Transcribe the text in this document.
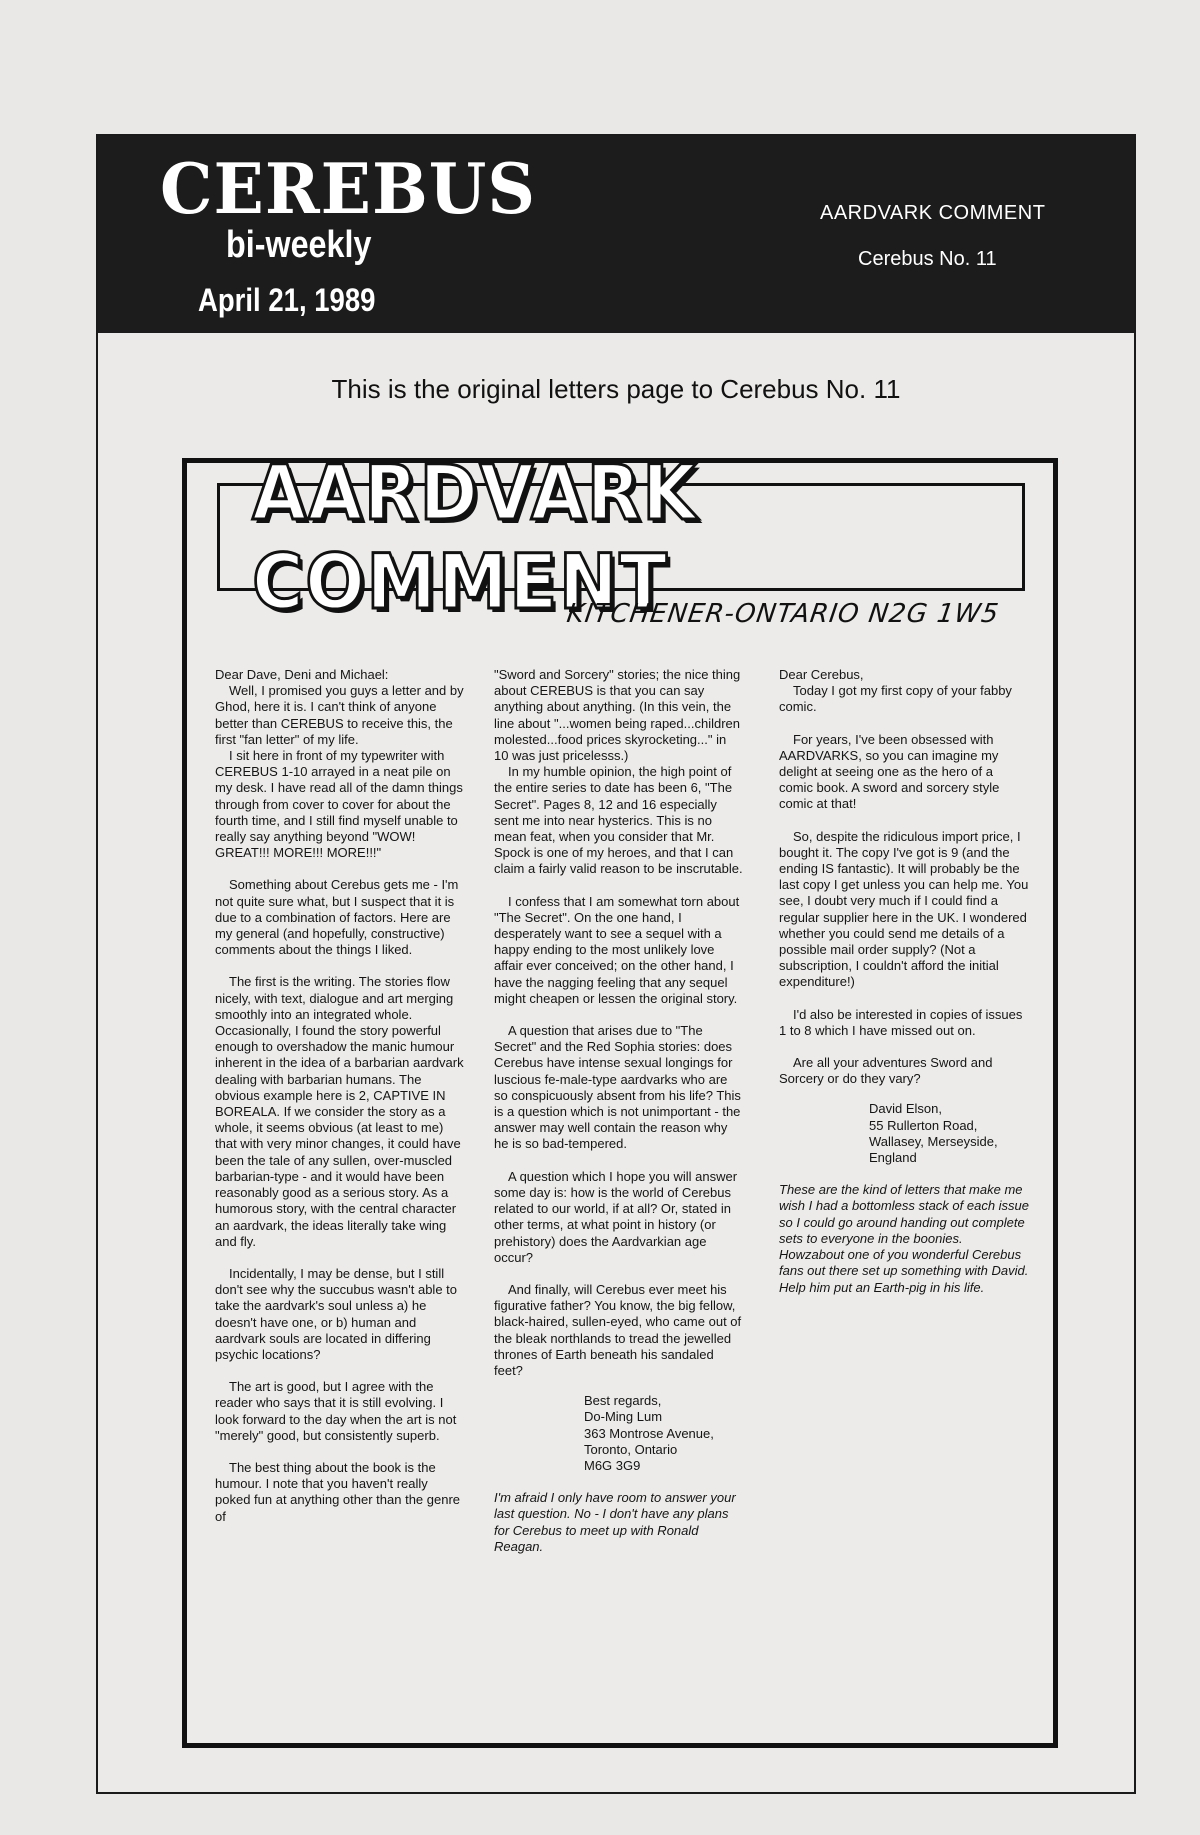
CEREBUS
bi-weekly
April 21, 1989
AARDVARK COMMENT
Cerebus No. 11
This is the original letters page to Cerebus No. 11
AARDVARK COMMENT
KITCHENER-ONTARIO N2G 1W5

Dear Dave, Deni and Michael:

Well, I promised you guys a letter and by Ghod, here it is. I can't think of anyone better than CEREBUS to receive this, the first "fan letter" of my life.

I sit here in front of my typewriter with CEREBUS 1-10 arrayed in a neat pile on my desk. I have read all of the damn things through from cover to cover for about the fourth time, and I still find myself unable to really say anything beyond "WOW! GREAT!!! MORE!!! MORE!!!"

Something about Cerebus gets me - I'm not quite sure what, but I suspect that it is due to a combination of factors. Here are my general (and hopefully, constructive) comments about the things I liked.

The first is the writing. The stories flow nicely, with text, dialogue and art merging smoothly into an integrated whole. Occasionally, I found the story powerful enough to overshadow the manic humour inherent in the idea of a barbarian aardvark dealing with barbarian humans. The obvious example here is 2, CAPTIVE IN BOREALA. If we consider the story as a whole, it seems obvious (at least to me) that with very minor changes, it could have been the tale of any sullen, over-muscled barbarian-type - and it would have been reasonably good as a serious story. As a humorous story, with the central character an aardvark, the ideas literally take wing and fly.

Incidentally, I may be dense, but I still don't see why the succubus wasn't able to take the aardvark's soul unless a) he doesn't have one, or b) human and aardvark souls are located in differing psychic locations?

The art is good, but I agree with the reader who says that it is still evolving. I look forward to the day when the art is not "merely" good, but consistently superb.

The best thing about the book is the humour. I note that you haven't really poked fun at anything other than the genre of

"Sword and Sorcery" stories; the nice thing about CEREBUS is that you can say anything about anything. (In this vein, the line about "...women being raped...children molested...food prices skyrocketing..." in 10 was just pricelesss.)

In my humble opinion, the high point of the entire series to date has been 6, "The Secret". Pages 8, 12 and 16 especially sent me into near hysterics. This is no mean feat, when you consider that Mr. Spock is one of my heroes, and that I can claim a fairly valid reason to be inscrutable.

I confess that I am somewhat torn about "The Secret". On the one hand, I desperately want to see a sequel with a happy ending to the most unlikely love affair ever conceived; on the other hand, I have the nagging feeling that any sequel might cheapen or lessen the original story.

A question that arises due to "The Secret" and the Red Sophia stories: does Cerebus have intense sexual longings for luscious fe-male-type aardvarks who are so conspicuously absent from his life? This is a question which is not unimportant - the answer may well contain the reason why he is so bad-tempered.

A question which I hope you will answer some day is: how is the world of Cerebus related to our world, if at all? Or, stated in other terms, at what point in history (or prehistory) does the Aardvarkian age occur?

And finally, will Cerebus ever meet his figurative father? You know, the big fellow, black-haired, sullen-eyed, who came out of the bleak northlands to tread the jewelled thrones of Earth beneath his sandaled feet?

Best regards,

Do-Ming Lum

363 Montrose Avenue,

Toronto, Ontario

M6G 3G9

I'm afraid I only have room to answer your last question. No - I don't have any plans for Cerebus to meet up with Ronald Reagan.

Dear Cerebus,

Today I got my first copy of your fabby comic.

For years, I've been obsessed with AARDVARKS, so you can imagine my delight at seeing one as the hero of a comic book. A sword and sorcery style comic at that!

So, despite the ridiculous import price, I bought it. The copy I've got is 9 (and the ending IS fantastic). It will probably be the last copy I get unless you can help me. You see, I doubt very much if I could find a regular supplier here in the UK. I wondered whether you could send me details of a possible mail order supply? (Not a subscription, I couldn't afford the initial expenditure!)

I'd also be interested in copies of issues 1 to 8 which I have missed out on.

Are all your adventures Sword and Sorcery or do they vary?

David Elson,

55 Rullerton Road,

Wallasey, Merseyside,

England

These are the kind of letters that make me wish I had a bottomless stack of each issue so I could go around handing out complete sets to everyone in the boonies. Howzabout one of you wonderful Cerebus fans out there set up something with David. Help him put an Earth-pig in his life.
